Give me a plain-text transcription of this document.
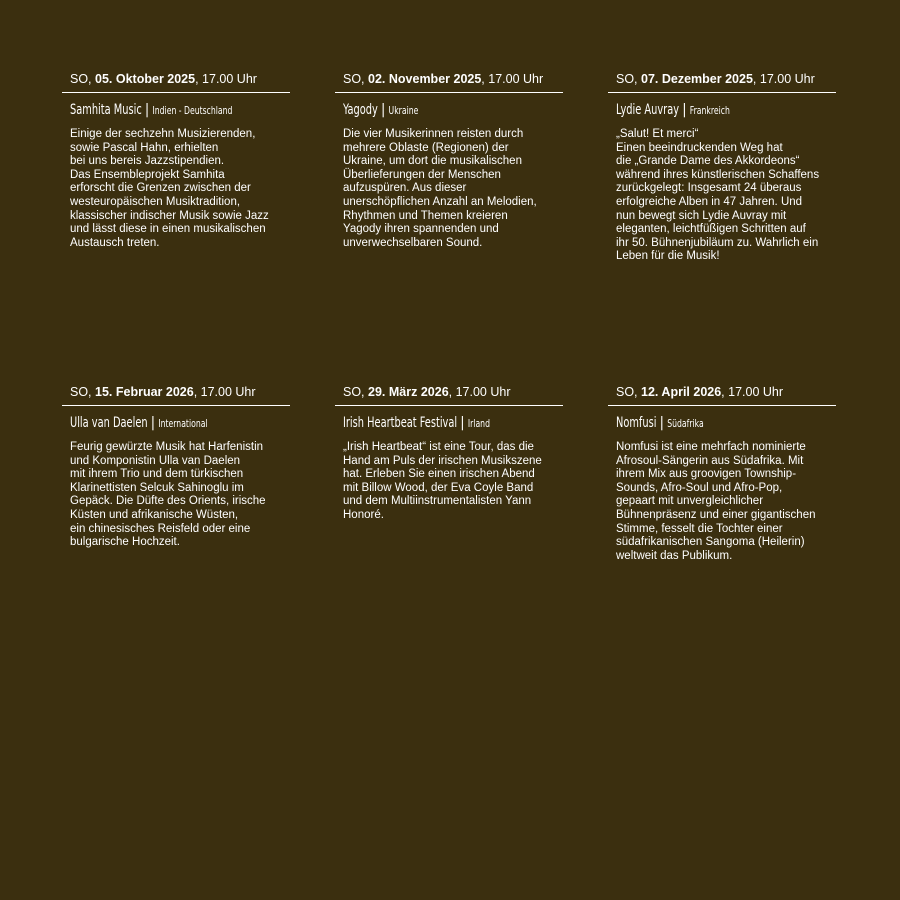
SO, 05. Oktober 2025, 17.00 Uhr
Samhita Music | Indien - Deutschland

Einige der sechzehn Musizierenden,

sowie Pascal Hahn, erhielten

bei uns bereis Jazzstipendien.

Das Ensembleprojekt Samhita

erforscht die Grenzen zwischen der

westeuropäischen Musiktradition,

klassischer indischer Musik sowie Jazz

und lässt diese in einen musikalischen

Austausch treten.

SO, 02. November 2025, 17.00 Uhr
Yagody | Ukraine

Die vier Musikerinnen reisten durch

mehrere Oblaste (Regionen) der

Ukraine, um dort die musikalischen

Überlieferungen der Menschen

aufzuspüren. Aus dieser

unerschöpflichen Anzahl an Melodien,

Rhythmen und Themen kreieren

Yagody ihren spannenden und

unverwechselbaren Sound.

SO, 07. Dezember 2025, 17.00 Uhr
Lydie Auvray | Frankreich

„Salut! Et merci“

Einen beeindruckenden Weg hat

die „Grande Dame des Akkordeons“

während ihres künstlerischen Schaffens

zurückgelegt: Insgesamt 24 überaus

erfolgreiche Alben in 47 Jahren. Und

nun bewegt sich Lydie Auvray mit

eleganten, leichtfüßigen Schritten auf

ihr 50. Bühnenjubiläum zu. Wahrlich ein

Leben für die Musik!

SO, 15. Februar 2026, 17.00 Uhr
Ulla van Daelen | International

Feurig gewürzte Musik hat Harfenistin

und Komponistin Ulla van Daelen

mit ihrem Trio und dem türkischen

Klarinettisten Selcuk Sahinoglu im

Gepäck. Die Düfte des Orients, irische

Küsten und afrikanische Wüsten,

ein chinesisches Reisfeld oder eine

bulgarische Hochzeit.

SO, 29. März 2026, 17.00 Uhr
Irish Heartbeat Festival | Irland

„Irish Heartbeat“ ist eine Tour, das die

Hand am Puls der irischen Musikszene

hat. Erleben Sie einen irischen Abend

mit Billow Wood, der Eva Coyle Band

und dem Multiinstrumentalisten Yann

Honoré.

SO, 12. April 2026, 17.00 Uhr
Nomfusi | Südafrika

Nomfusi ist eine mehrfach nominierte

Afrosoul-Sängerin aus Südafrika. Mit

ihrem Mix aus groovigen Township-

Sounds, Afro-Soul und Afro-Pop,

gepaart mit unvergleichlicher

Bühnenpräsenz und einer gigantischen

Stimme, fesselt die Tochter einer

südafrikanischen Sangoma (Heilerin)

weltweit das Publikum.
